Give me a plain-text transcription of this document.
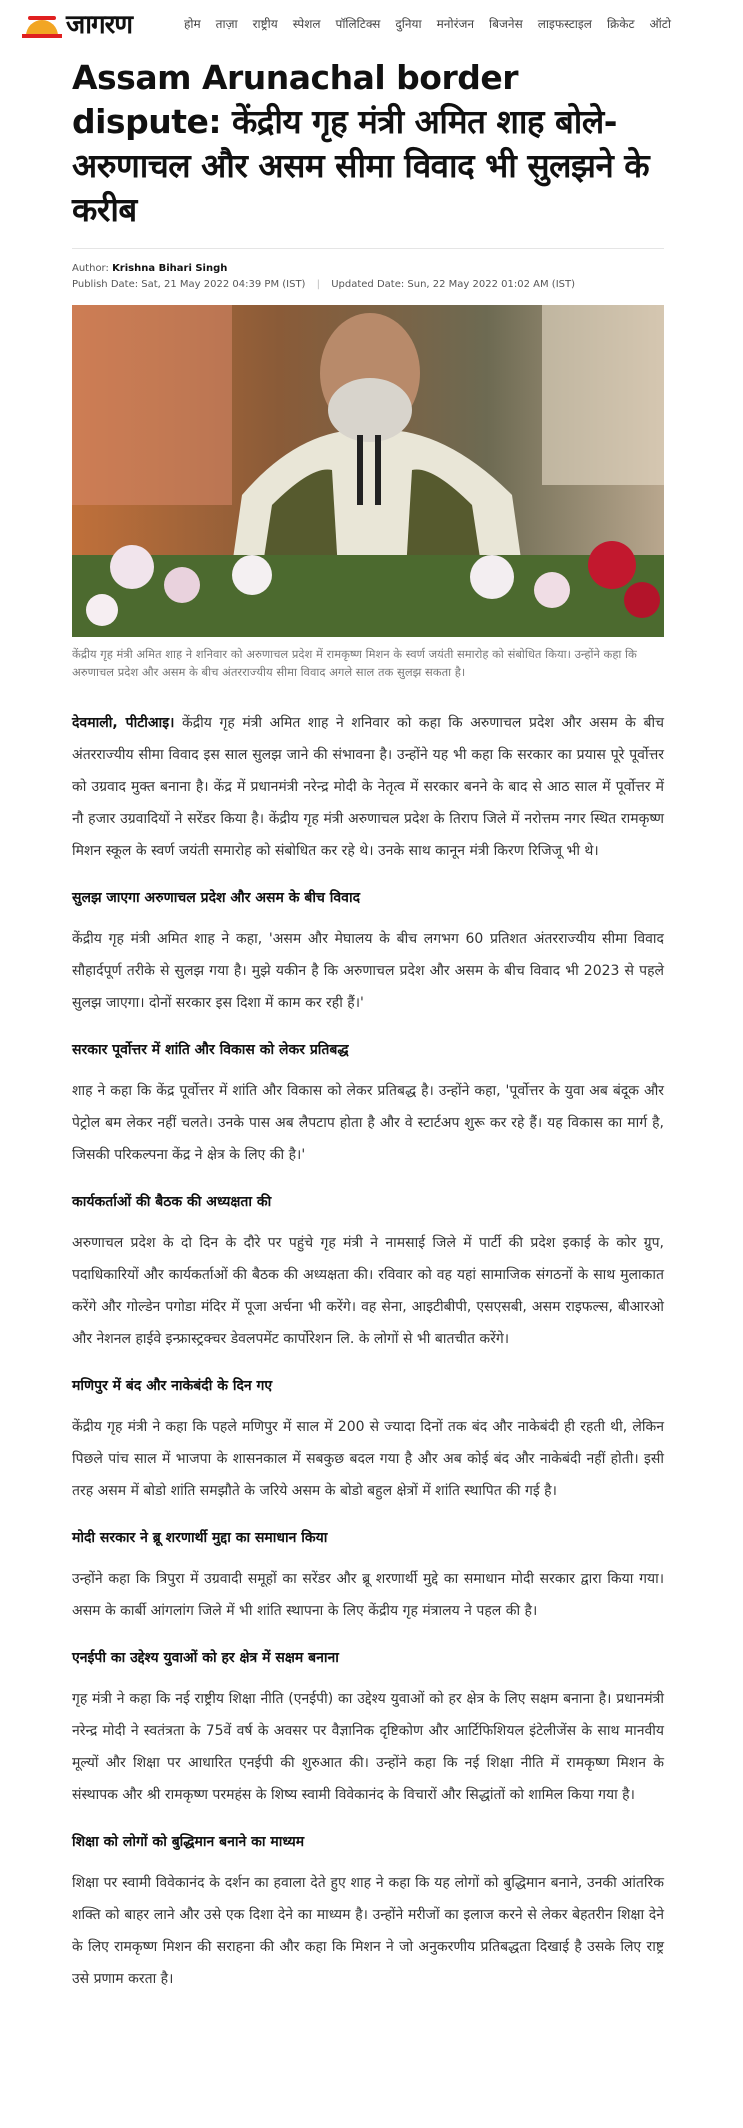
जागरण	होम ताज़ा राष्ट्रीय स्पेशल पॉलिटिक्स दुनिया मनोरंजन बिजनेस लाइफस्टाइल क्रिकेट ऑटो
Assam Arunachal border dispute: केंद्रीय गृह मंत्री अमित शाह बोले- अरुणाचल और असम सीमा विवाद भी सुलझने के करीब
Author: Krishna Bihari Singh
Publish Date: Sat, 21 May 2022 04:39 PM (IST) | Updated Date: Sun, 22 May 2022 01:02 AM (IST)

केंद्रीय गृह मंत्री अमित शाह ने शनिवार को अरुणाचल प्रदेश में रामकृष्ण मिशन के स्वर्ण जयंती समारोह को संबोधित किया। उन्होंने कहा कि अरुणाचल प्रदेश और असम के बीच अंतरराज्यीय सीमा विवाद अगले साल तक सुलझ सकता है।

देवमाली, पीटीआइ। केंद्रीय गृह मंत्री अमित शाह ने शनिवार को कहा कि अरुणाचल प्रदेश और असम के बीच अंतरराज्यीय सीमा विवाद इस साल सुलझ जाने की संभावना है। उन्होंने यह भी कहा कि सरकार का प्रयास पूरे पूर्वोत्तर को उग्रवाद मुक्त बनाना है। केंद्र में प्रधानमंत्री नरेन्द्र मोदी के नेतृत्व में सरकार बनने के बाद से आठ साल में पूर्वोत्तर में नौ हजार उग्रवादियों ने सरेंडर किया है। केंद्रीय गृह मंत्री अरुणाचल प्रदेश के तिराप जिले में नरोत्तम नगर स्थित रामकृष्ण मिशन स्कूल के स्वर्ण जयंती समारोह को संबोधित कर रहे थे। उनके साथ कानून मंत्री किरण रिजिजू भी थे।

सुलझ जाएगा अरुणाचल प्रदेश और असम के बीच विवाद

केंद्रीय गृह मंत्री अमित शाह ने कहा, 'असम और मेघालय के बीच लगभग 60 प्रतिशत अंतरराज्यीय सीमा विवाद सौहार्दपूर्ण तरीके से सुलझ गया है। मुझे यकीन है कि अरुणाचल प्रदेश और असम के बीच विवाद भी 2023 से पहले सुलझ जाएगा। दोनों सरकार इस दिशा में काम कर रही हैं।'

सरकार पूर्वोत्तर में शांति और विकास को लेकर प्रतिबद्ध

शाह ने कहा कि केंद्र पूर्वोत्तर में शांति और विकास को लेकर प्रतिबद्ध है। उन्होंने कहा, 'पूर्वोत्तर के युवा अब बंदूक और पेट्रोल बम लेकर नहीं चलते। उनके पास अब लैपटाप होता है और वे स्टार्टअप शुरू कर रहे हैं। यह विकास का मार्ग है, जिसकी परिकल्पना केंद्र ने क्षेत्र के लिए की है।'

कार्यकर्ताओं की बैठक की अध्यक्षता की

अरुणाचल प्रदेश के दो दिन के दौरे पर पहुंचे गृह मंत्री ने नामसाई जिले में पार्टी की प्रदेश इकाई के कोर ग्रुप, पदाधिकारियों और कार्यकर्ताओं की बैठक की अध्यक्षता की। रविवार को वह यहां सामाजिक संगठनों के साथ मुलाकात करेंगे और गोल्डेन पगोडा मंदिर में पूजा अर्चना भी करेंगे। वह सेना, आइटीबीपी, एसएसबी, असम राइफल्स, बीआरओ और नेशनल हाईवे इन्फ्रास्ट्रक्चर डेवलपमेंट कार्पोरेशन लि. के लोगों से भी बातचीत करेंगे।

मणिपुर में बंद और नाकेबंदी के दिन गए

केंद्रीय गृह मंत्री ने कहा कि पहले मणिपुर में साल में 200 से ज्यादा दिनों तक बंद और नाकेबंदी ही रहती थी, लेकिन पिछले पांच साल में भाजपा के शासनकाल में सबकुछ बदल गया है और अब कोई बंद और नाकेबंदी नहीं होती। इसी तरह असम में बोडो शांति समझौते के जरिये असम के बोडो बहुल क्षेत्रों में शांति स्थापित की गई है।

मोदी सरकार ने ब्रू शरणार्थी मुद्दा का समाधान किया

उन्होंने कहा कि त्रिपुरा में उग्रवादी समूहों का सरेंडर और ब्रू शरणार्थी मुद्दे का समाधान मोदी सरकार द्वारा किया गया। असम के कार्बी आंगलांग जिले में भी शांति स्थापना के लिए केंद्रीय गृह मंत्रालय ने पहल की है।

एनईपी का उद्देश्य युवाओं को हर क्षेत्र में सक्षम बनाना

गृह मंत्री ने कहा कि नई राष्ट्रीय शिक्षा नीति (एनईपी) का उद्देश्य युवाओं को हर क्षेत्र के लिए सक्षम बनाना है। प्रधानमंत्री नरेन्द्र मोदी ने स्वतंत्रता के 75वें वर्ष के अवसर पर वैज्ञानिक दृष्टिकोण और आर्टिफिशियल इंटेलीजेंस के साथ मानवीय मूल्यों और शिक्षा पर आधारित एनईपी की शुरुआत की। उन्होंने कहा कि नई शिक्षा नीति में रामकृष्ण मिशन के संस्थापक और श्री रामकृष्ण परमहंस के शिष्य स्वामी विवेकानंद के विचारों और सिद्धांतों को शामिल किया गया है।

शिक्षा को लोगों को बुद्धिमान बनाने का माध्यम

शिक्षा पर स्वामी विवेकानंद के दर्शन का हवाला देते हुए शाह ने कहा कि यह लोगों को बुद्धिमान बनाने, उनकी आंतरिक शक्ति को बाहर लाने और उसे एक दिशा देने का माध्यम है। उन्होंने मरीजों का इलाज करने से लेकर बेहतरीन शिक्षा देने के लिए रामकृष्ण मिशन की सराहना की और कहा कि मिशन ने जो अनुकरणीय प्रतिबद्धता दिखाई है उसके लिए राष्ट्र उसे प्रणाम करता है।
